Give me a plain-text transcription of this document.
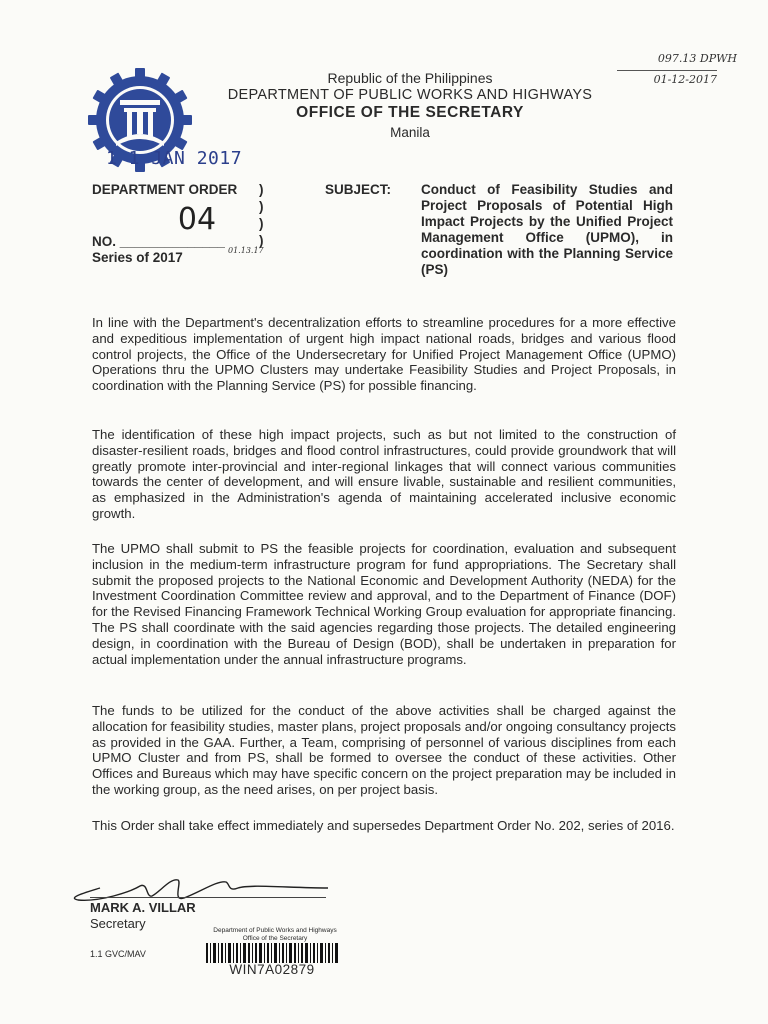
Republic of the Philippines
DEPARTMENT OF PUBLIC WORKS AND HIGHWAYS
OFFICE OF THE SECRETARY
Manila
097.13 DPWH
01-12-2017
1 1 JAN 2017
DEPARTMENT ORDER )
)
)
)
04
NO. ______________
Series of 2017	01.13.17
SUBJECT: Conduct of Feasibility Studies and Project Proposals of Potential High Impact Projects by the Unified Project Management Office (UPMO), in coordination with the Planning Service (PS)
In line with the Department's decentralization efforts to streamline procedures for a more effective and expeditious implementation of urgent high impact national roads, bridges and various flood control projects, the Office of the Undersecretary for Unified Project Management Office (UPMO) Operations thru the UPMO Clusters may undertake Feasibility Studies and Project Proposals, in coordination with the Planning Service (PS) for possible financing.
The identification of these high impact projects, such as but not limited to the construction of disaster-resilient roads, bridges and flood control infrastructures, could provide groundwork that will greatly promote inter-provincial and inter-regional linkages that will connect various communities towards the center of development, and will ensure livable, sustainable and resilient communities, as emphasized in the Administration's agenda of maintaining accelerated inclusive economic growth.
The UPMO shall submit to PS the feasible projects for coordination, evaluation and subsequent inclusion in the medium-term infrastructure program for fund appropriations. The Secretary shall submit the proposed projects to the National Economic and Development Authority (NEDA) for the Investment Coordination Committee review and approval, and to the Department of Finance (DOF) for the Revised Financing Framework Technical Working Group evaluation for appropriate financing. The PS shall coordinate with the said agencies regarding those projects. The detailed engineering design, in coordination with the Bureau of Design (BOD), shall be undertaken in preparation for actual implementation under the annual infrastructure programs.
The funds to be utilized for the conduct of the above activities shall be charged against the allocation for feasibility studies, master plans, project proposals and/or ongoing consultancy projects as provided in the GAA. Further, a Team, comprising of personnel of various disciplines from each UPMO Cluster and from PS, shall be formed to oversee the conduct of these activities. Other Offices and Bureaus which may have specific concern on the project preparation may be included in the working group, as the need arises, on per project basis.
This Order shall take effect immediately and supersedes Department Order No. 202, series of 2016.
MARK A. VILLAR
Secretary
1.1 GVC/MAV
Department of Public Works and Highways
Office of the Secretary
WIN7A02879
